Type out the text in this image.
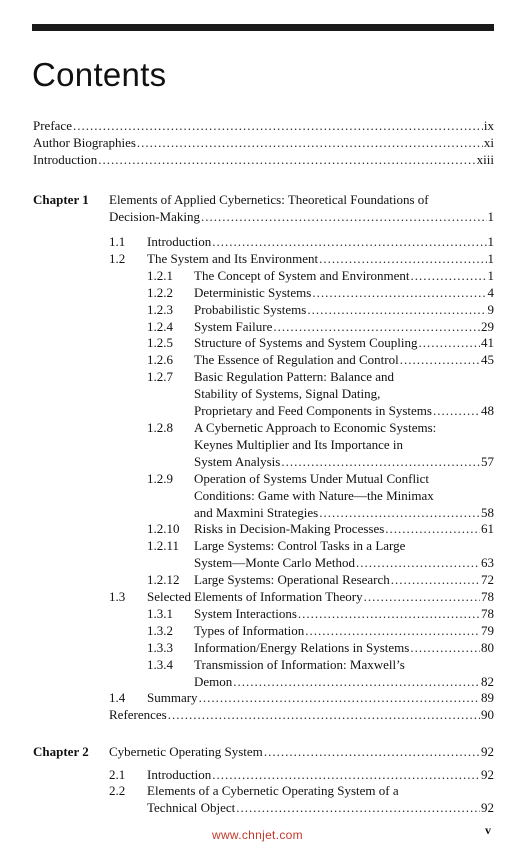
Contents
Preface .....	ix
Author Biographies .....	xi
Introduction .....	xiii
Chapter 1 Elements of Applied Cybernetics: Theoretical Foundations of
Decision-Making .....	1
1.1 Introduction .....	1
1.2 The System and Its Environment .....	1
1.2.1 The Concept of System and Environment .....	1
1.2.2 Deterministic Systems .....	4
1.2.3 Probabilistic Systems .....	9
1.2.4 System Failure .....	29
1.2.5 Structure of Systems and System Coupling .....	41
1.2.6 The Essence of Regulation and Control .....	45
1.2.7 Basic Regulation Pattern: Balance and
Stability of Systems, Signal Dating,
Proprietary and Feed Components in Systems .....	48
1.2.8 A Cybernetic Approach to Economic Systems:
Keynes Multiplier and Its Importance in
System Analysis .....	57
1.2.9 Operation of Systems Under Mutual Conflict
Conditions: Game with Nature—the Minimax
and Maxmini Strategies .....	58
1.2.10 Risks in Decision-Making Processes .....	61
1.2.11 Large Systems: Control Tasks in a Large
System—Monte Carlo Method .....	63
1.2.12 Large Systems: Operational Research .....	72
1.3 Selected Elements of Information Theory .....	78
1.3.1 System Interactions .....	78
1.3.2 Types of Information .....	79
1.3.3 Information/Energy Relations in Systems .....	80
1.3.4 Transmission of Information: Maxwell’s
Demon .....	82
1.4 Summary .....	89
References .....	90
Chapter 2 Cybernetic Operating System .....	92
2.1 Introduction .....	92
2.2 Elements of a Cybernetic Operating System of a
Technical Object .....	92
v
www.chnjet.com
